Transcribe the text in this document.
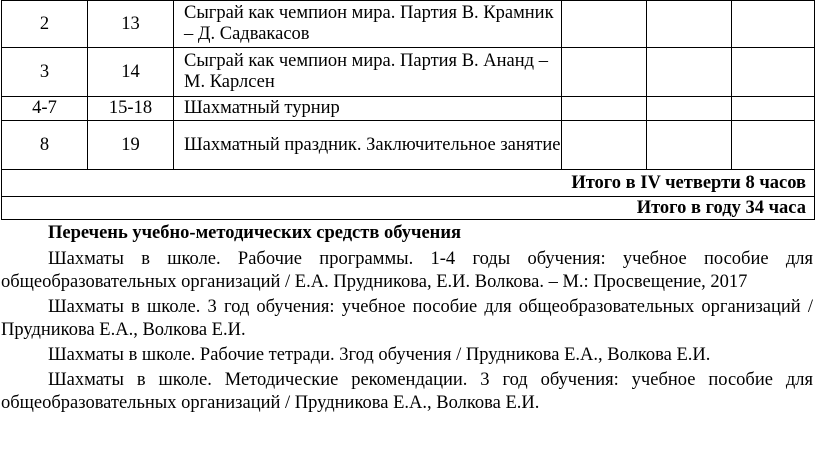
2	13	Сыграй как чемпион мира. Партия В. Крамник – Д. Садвакасов			
3	14	Сыграй как чемпион мира. Партия В. Ананд – М. Карлсен			
4-7	15-18	Шахматный турнир			
8	19	Шахматный праздник. Заключительное занятие			
Итого в IV четверти 8 часов					
Итого в году 34 часа					

Перечень учебно-методических средств обучения

Шахматы в школе. Рабочие программы. 1-4 годы обучения: учебное пособие для общеобразовательных организаций / Е.А. Прудникова, Е.И. Волкова. – М.: Просвещение, 2017

Шахматы в школе. 3 год обучения: учебное пособие для общеобразовательных организаций / Прудникова Е.А., Волкова Е.И.

Шахматы в школе. Рабочие тетради. 3год обучения / Прудникова Е.А., Волкова Е.И.

Шахматы в школе. Методические рекомендации. 3 год обучения: учебное пособие для общеобразовательных организаций / Прудникова Е.А., Волкова Е.И.
